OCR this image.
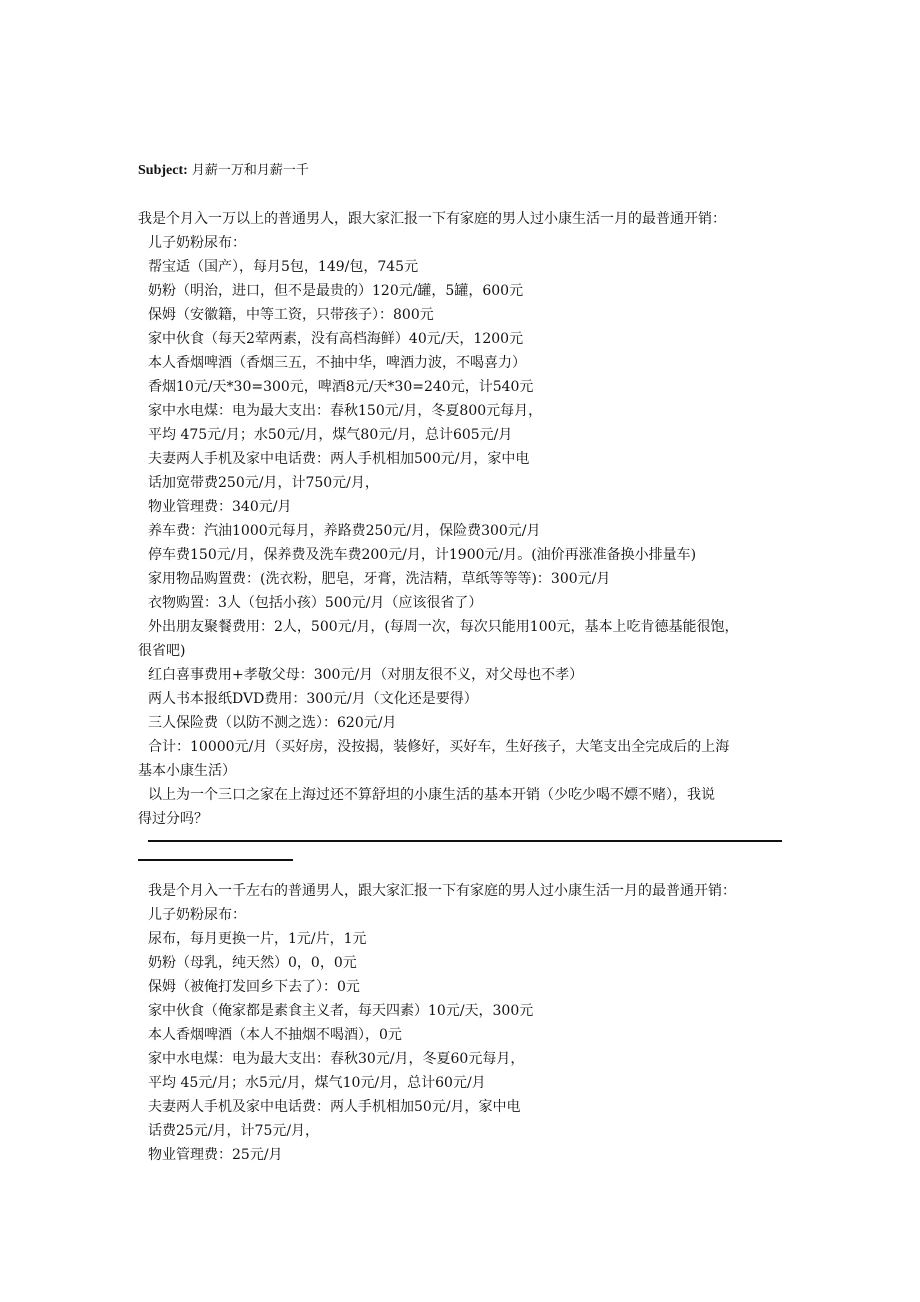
Subject: 月薪一万和月薪一千
我是个月入一万以上的普通男人，跟大家汇报一下有家庭的男人过小康生活一月的最普通开销：
儿子奶粉尿布：
帮宝适（国产），每月5包，149/包，745元
奶粉（明治，进口，但不是最贵的）120元/罐，5罐，600元
保姆（安徽籍，中等工资，只带孩子）：800元
家中伙食（每天2荤两素，没有高档海鲜）40元/天，1200元
本人香烟啤酒（香烟三五，不抽中华，啤酒力波，不喝喜力）
香烟10元/天*30=300元，啤酒8元/天*30=240元，计540元
家中水电煤：电为最大支出：春秋150元/月，冬夏800元每月，
平均 475元/月；水50元/月，煤气80元/月，总计605元/月
夫妻两人手机及家中电话费：两人手机相加500元/月，家中电
话加宽带费250元/月，计750元/月，
物业管理费：340元/月
养车费：汽油1000元每月，养路费250元/月，保险费300元/月
停车费150元/月，保养费及洗车费200元/月，计1900元/月。(油价再涨准备换小排量车)
家用物品购置费：(洗衣粉，肥皂，牙膏，洗洁精，草纸等等等)：300元/月
衣物购置：3人（包括小孩）500元/月（应该很省了）
外出朋友聚餐费用：2人，500元/月，(每周一次，每次只能用100元，基本上吃肯德基能很饱，
很省吧)
红白喜事费用+孝敬父母：300元/月（对朋友很不义，对父母也不孝）
两人书本报纸DVD费用：300元/月（文化还是要得）
三人保险费（以防不测之选）：620元/月
合计：10000元/月（买好房，没按揭，装修好，买好车，生好孩子，大笔支出全完成后的上海
基本小康生活）
以上为一个三口之家在上海过还不算舒坦的小康生活的基本开销（少吃少喝不嫖不赌），我说
得过分吗？
我是个月入一千左右的普通男人，跟大家汇报一下有家庭的男人过小康生活一月的最普通开销：
儿子奶粉尿布：
尿布，每月更换一片，1元/片，1元
奶粉（母乳，纯天然）0，0，0元
保姆（被俺打发回乡下去了）：0元
家中伙食（俺家都是素食主义者，每天四素）10元/天，300元
本人香烟啤酒（本人不抽烟不喝酒），0元
家中水电煤：电为最大支出：春秋30元/月，冬夏60元每月，
平均 45元/月；水5元/月，煤气10元/月，总计60元/月
夫妻两人手机及家中电话费：两人手机相加50元/月，家中电
话费25元/月，计75元/月，
物业管理费：25元/月
